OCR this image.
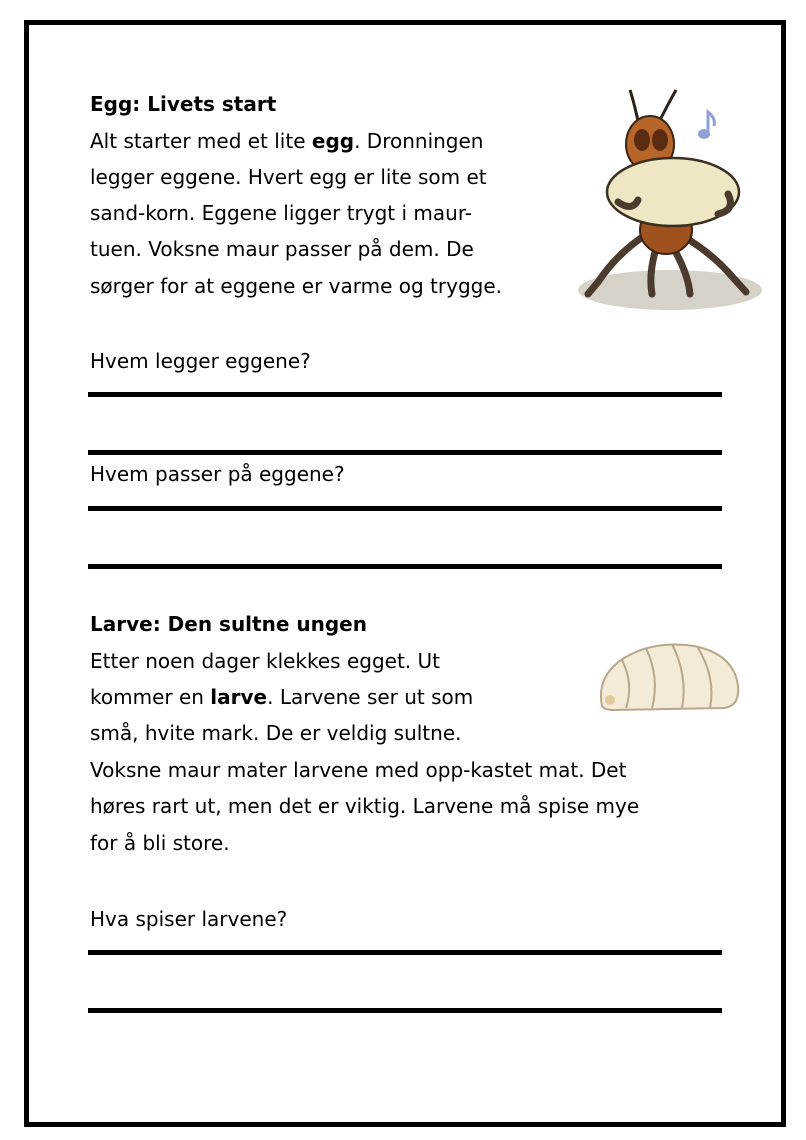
Egg: Livets start
Alt starter med et lite egg. Dronningen
legger eggene. Hvert egg er lite som et
sand-korn. Eggene ligger trygt i maur-
tuen. Voksne maur passer på dem. De
sørger for at eggene er varme og trygge.
Hvem legger eggene?
Hvem passer på eggene?
Larve: Den sultne ungen
Etter noen dager klekkes egget. Ut
kommer en larve. Larvene ser ut som
små, hvite mark. De er veldig sultne.
Voksne maur mater larvene med opp-kastet mat. Det
høres rart ut, men det er viktig. Larvene må spise mye
for å bli store.
Hva spiser larvene?
